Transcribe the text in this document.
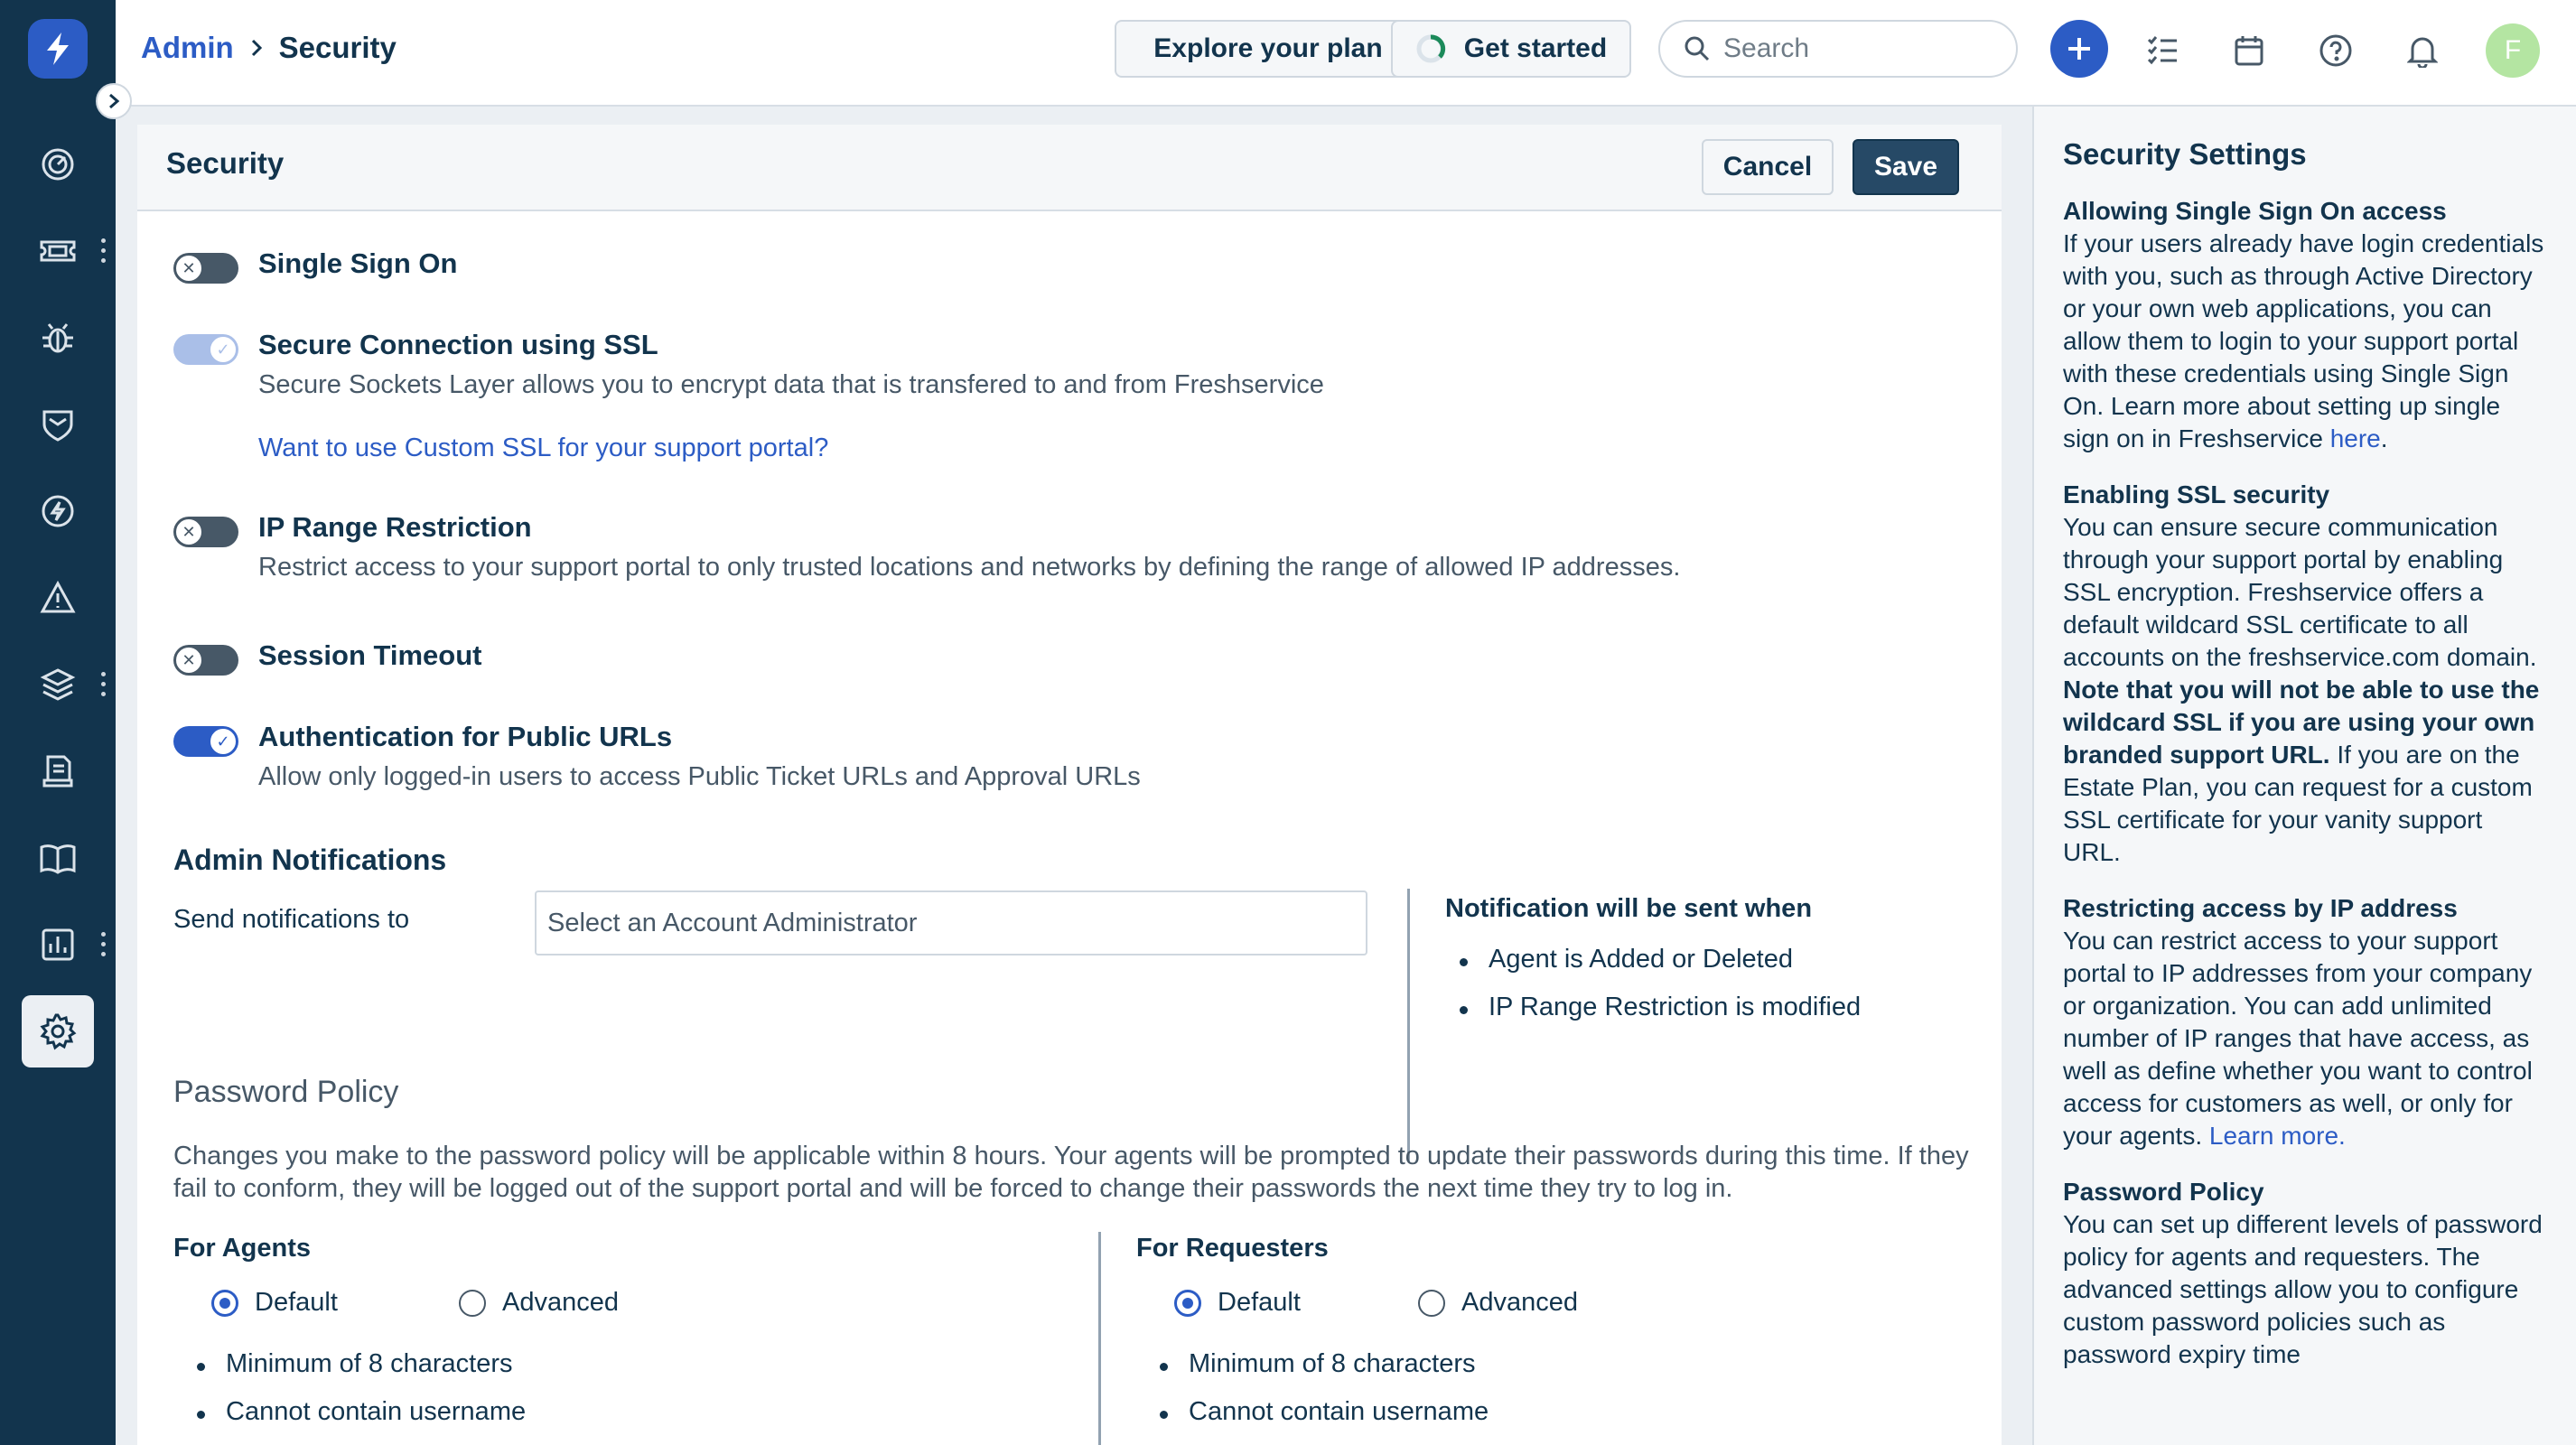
Admin Security	Explore your plan	Get started	Search	F
Security	Cancel	Save
✕ Single Sign On
✓ Secure Connection using SSL
Secure Sockets Layer allows you to encrypt data that is transfered to and from Freshservice
Want to use Custom SSL for your support portal?
✕ IP Range Restriction
Restrict access to your support portal to only trusted locations and networks by defining the range of allowed IP addresses.
✕ Session Timeout
✓ Authentication for Public URLs
Allow only logged-in users to access Public Ticket URLs and Approval URLs
Admin Notifications
Send notifications to	Select an Account Administrator	Notification will be sent when
Agent is Added or Deleted
IP Range Restriction is modified
Password Policy
Changes you make to the password policy will be applicable within 8 hours. Your agents will be prompted to update their passwords during this time. If they fail to conform, they will be logged out of the support portal and will be forced to change their passwords the next time they try to log in.
For Agents
Default	Advanced
Minimum of 8 characters
Cannot contain username
For Requesters
Default	Advanced
Minimum of 8 characters
Cannot contain username
Security Settings
Allowing Single Sign On access
If your users already have login credentials with you, such as through Active Directory or your own web applications, you can allow them to login to your support portal with these credentials using Single Sign On. Learn more about setting up single sign on in Freshservice here.
Enabling SSL security
You can ensure secure communication through your support portal by enabling SSL encryption. Freshservice offers a default wildcard SSL certificate to all accounts on the freshservice.com domain. Note that you will not be able to use the wildcard SSL if you are using your own branded support URL. If you are on the Estate Plan, you can request for a custom SSL certificate for your vanity support URL.
Restricting access by IP address
You can restrict access to your support portal to IP addresses from your company or organization. You can add unlimited number of IP ranges that have access, as well as define whether you want to control access for customers as well, or only for your agents. Learn more.
Password Policy
You can set up different levels of password policy for agents and requesters. The advanced settings allow you to configure custom password policies such as password expiry time
